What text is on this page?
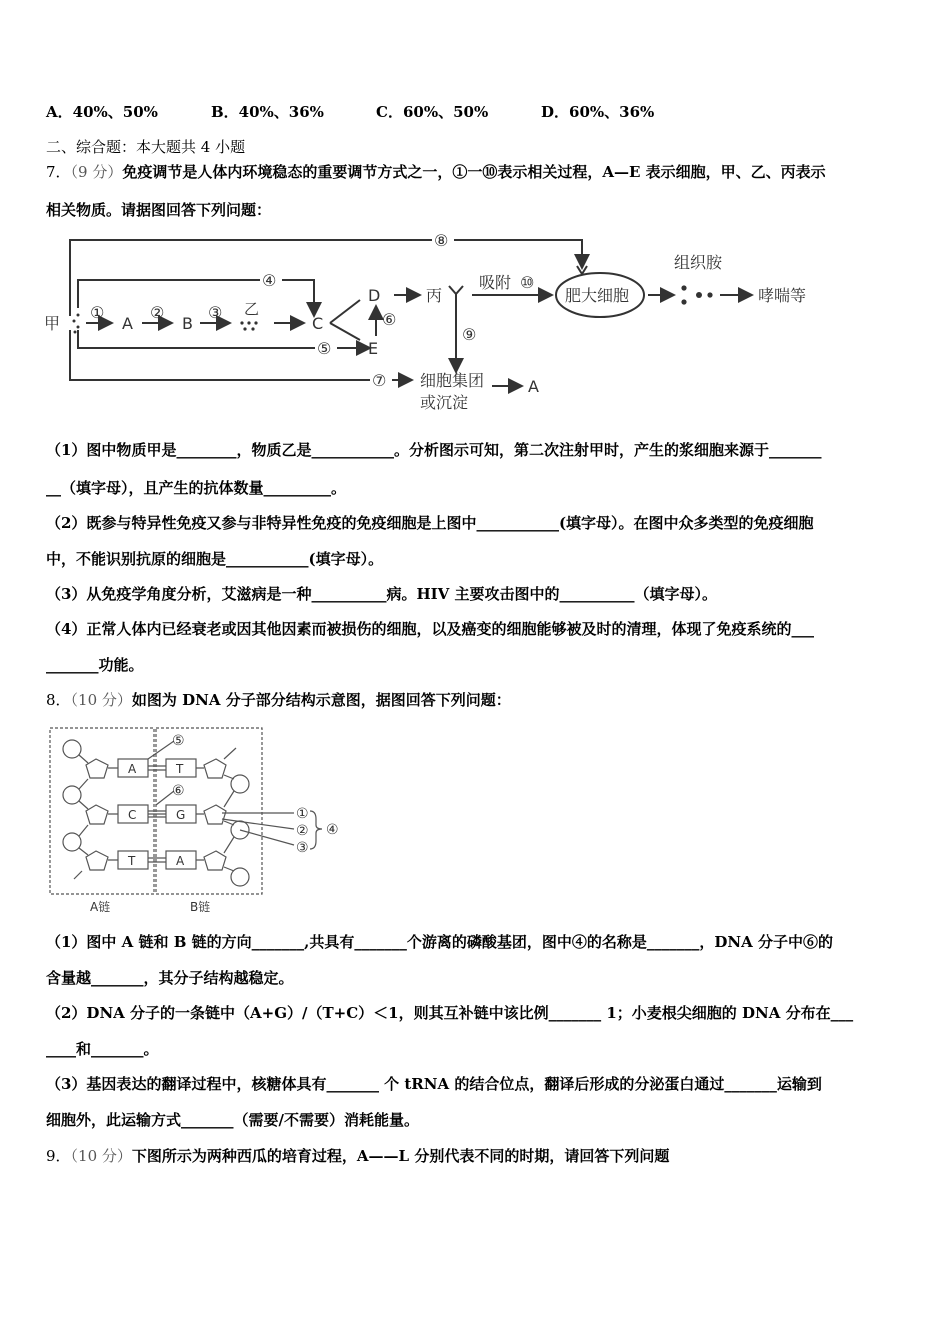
A．40%、50%	B．40%、36%	C．60%、50%	D．60%、36%
二、综合题：本大题共 4 小题
7．（9 分）免疫调节是人体内环境稳态的重要调节方式之一，①一⑩表示相关过程，A—E 表示细胞，甲、乙、丙表示
相关物质。请据图回答下列问题：
甲	A	B	C
D
E
乙
丙
①	②	③
④
⑤
⑥
⑦
⑧
⑨
⑩
吸附
肥大细胞
组织胺
哮喘等
细胞集团
或沉淀
A
（1）图中物质甲是________，物质乙是___________。分析图示可知，第二次注射甲时，产生的浆细胞来源于_______
__（填字母），且产生的抗体数量_________。
（2）既参与特异性免疫又参与非特异性免疫的免疫细胞是上图中___________(填字母）。在图中众多类型的免疫细胞
中，不能识别抗原的细胞是___________(填字母）。
（3）从免疫学角度分析，艾滋病是一种__________病。HIV 主要攻击图中的__________（填字母）。
（4）正常人体内已经衰老或因其他因素而被损伤的细胞，以及癌变的细胞能够被及时的清理，体现了免疫系统的___
_______功能。
8．（10 分）如图为 DNA 分子部分结构示意图，据图回答下列问题：
A
C
T
T
G
A
①
②
③
④
⑤
⑥
A链	B链
（1）图中 A 链和 B 链的方向_______,共具有_______个游离的磷酸基团，图中④的名称是_______，DNA 分子中⑥的
含量越_______，其分子结构越稳定。
（2）DNA 分子的一条链中（A+G）/（T+C）＜1，则其互补链中该比例_______ 1；小麦根尖细胞的 DNA 分布在___
____和_______。
（3）基因表达的翻译过程中，核糖体具有_______ 个 tRNA 的结合位点，翻译后形成的分泌蛋白通过_______运输到
细胞外，此运输方式_______（需要/不需要）消耗能量。
9．（10 分）下图所示为两种西瓜的培育过程，A——L 分别代表不同的时期，请回答下列问题
